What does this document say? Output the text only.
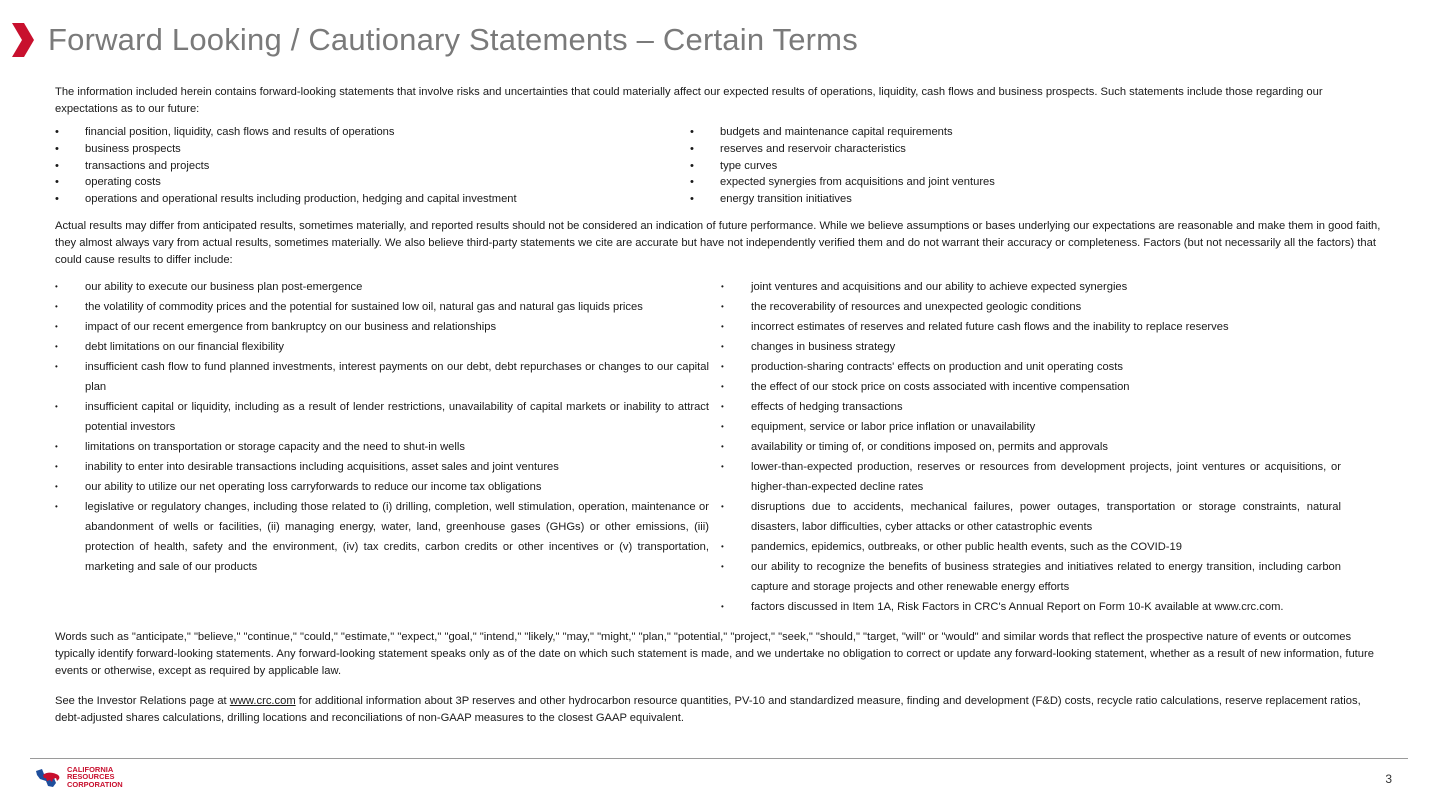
Forward Looking / Cautionary Statements – Certain Terms

The information included herein contains forward-looking statements that involve risks and uncertainties that could materially affect our expected results of operations, liquidity, cash flows and business prospects. Such statements include those regarding our expectations as to our future:

•	financial position, liquidity, cash flows and results of operations
•	business prospects
•	transactions and projects
•	operating costs
•	operations and operational results including production, hedging and capital investment
•	budgets and maintenance capital requirements
•	reserves and reservoir characteristics
•	type curves
•	expected synergies from acquisitions and joint ventures
•	energy transition initiatives

Actual results may differ from anticipated results, sometimes materially, and reported results should not be considered an indication of future performance. While we believe assumptions or bases underlying our expectations are reasonable and make them in good faith, they almost always vary from actual results, sometimes materially. We also believe third-party statements we cite are accurate but have not independently verified them and do not warrant their accuracy or completeness. Factors (but not necessarily all the factors) that could cause results to differ include:

•	our ability to execute our business plan post-emergence
•	the volatility of commodity prices and the potential for sustained low oil, natural gas and natural gas liquids prices
•	impact of our recent emergence from bankruptcy on our business and relationships
•	debt limitations on our financial flexibility
•	insufficient cash flow to fund planned investments, interest payments on our debt, debt repurchases or changes to our capital plan
•	insufficient capital or liquidity, including as a result of lender restrictions, unavailability of capital markets or inability to attract potential investors
•	limitations on transportation or storage capacity and the need to shut-in wells
•	inability to enter into desirable transactions including acquisitions, asset sales and joint ventures
•	our ability to utilize our net operating loss carryforwards to reduce our income tax obligations
•	legislative or regulatory changes, including those related to (i) drilling, completion, well stimulation, operation, maintenance or abandonment of wells or facilities, (ii) managing energy, water, land, greenhouse gases (GHGs) or other emissions, (iii) protection of health, safety and the environment, (iv) tax credits, carbon credits or other incentives or (v) transportation, marketing and sale of our products
•	joint ventures and acquisitions and our ability to achieve expected synergies
•	the recoverability of resources and unexpected geologic conditions
•	incorrect estimates of reserves and related future cash flows and the inability to replace reserves
•	changes in business strategy
•	production-sharing contracts' effects on production and unit operating costs
•	the effect of our stock price on costs associated with incentive compensation
•	effects of hedging transactions
•	equipment, service or labor price inflation or unavailability
•	availability or timing of, or conditions imposed on, permits and approvals
•	lower-than-expected production, reserves or resources from development projects, joint ventures or acquisitions, or higher-than-expected decline rates
•	disruptions due to accidents, mechanical failures, power outages, transportation or storage constraints, natural disasters, labor difficulties, cyber attacks or other catastrophic events
•	pandemics, epidemics, outbreaks, or other public health events, such as the COVID-19
•	our ability to recognize the benefits of business strategies and initiatives related to energy transition, including carbon capture and storage projects and other renewable energy efforts
•	factors discussed in Item 1A, Risk Factors in CRC's Annual Report on Form 10-K available at www.crc.com.

Words such as "anticipate," "believe," "continue," "could," "estimate," "expect," "goal," "intend," "likely," "may," "might," "plan," "potential," "project," "seek," "should," "target, "will" or "would" and similar words that reflect the prospective nature of events or outcomes typically identify forward-looking statements. Any forward-looking statement speaks only as of the date on which such statement is made, and we undertake no obligation to correct or update any forward-looking statement, whether as a result of new information, future events or otherwise, except as required by applicable law.

See the Investor Relations page at www.crc.com for additional information about 3P reserves and other hydrocarbon resource quantities, PV-10 and standardized measure, finding and development (F&D) costs, recycle ratio calculations, reserve replacement ratios, debt-adjusted shares calculations, drilling locations and reconciliations of non-GAAP measures to the closest GAAP equivalent.

CALIFORNIA
RESOURCES
CORPORATION	3
